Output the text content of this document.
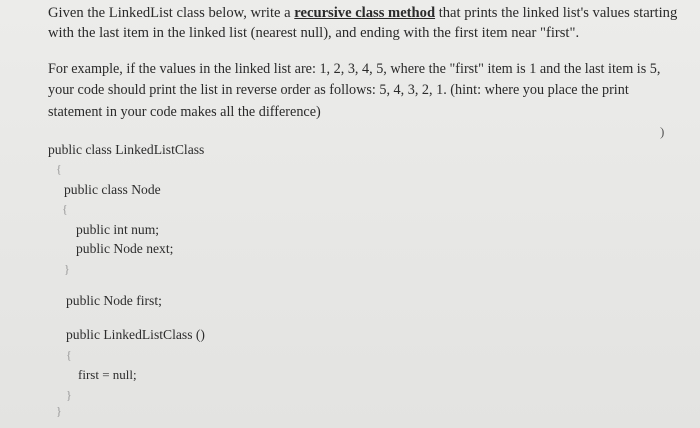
Given the LinkedList class below, write a recursive class method that prints the linked list's values starting
with the last item in the linked list (nearest null), and ending with the first item near "first".
For example, if the values in the linked list are: 1, 2, 3, 4, 5, where the "first" item is 1 and the last item is 5,
your code should print the list in reverse order as follows: 5, 4, 3, 2, 1. (hint: where you place the print
statement in your code makes all the difference)
)
public class LinkedListClass
{
public class Node
{
public int num;
public Node next;
}
public Node first;
public LinkedListClass ()
{
first = null;
}
}
